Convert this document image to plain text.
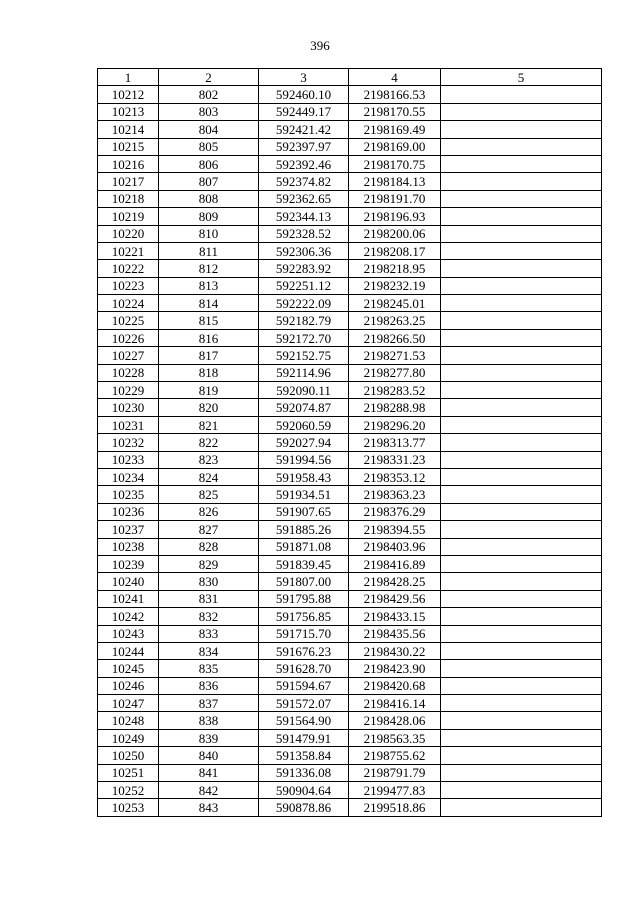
396
1	2	3	4	5
10212	802	592460.10	2198166.53	
10213	803	592449.17	2198170.55	
10214	804	592421.42	2198169.49	
10215	805	592397.97	2198169.00	
10216	806	592392.46	2198170.75	
10217	807	592374.82	2198184.13	
10218	808	592362.65	2198191.70	
10219	809	592344.13	2198196.93	
10220	810	592328.52	2198200.06	
10221	811	592306.36	2198208.17	
10222	812	592283.92	2198218.95	
10223	813	592251.12	2198232.19	
10224	814	592222.09	2198245.01	
10225	815	592182.79	2198263.25	
10226	816	592172.70	2198266.50	
10227	817	592152.75	2198271.53	
10228	818	592114.96	2198277.80	
10229	819	592090.11	2198283.52	
10230	820	592074.87	2198288.98	
10231	821	592060.59	2198296.20	
10232	822	592027.94	2198313.77	
10233	823	591994.56	2198331.23	
10234	824	591958.43	2198353.12	
10235	825	591934.51	2198363.23	
10236	826	591907.65	2198376.29	
10237	827	591885.26	2198394.55	
10238	828	591871.08	2198403.96	
10239	829	591839.45	2198416.89	
10240	830	591807.00	2198428.25	
10241	831	591795.88	2198429.56	
10242	832	591756.85	2198433.15	
10243	833	591715.70	2198435.56	
10244	834	591676.23	2198430.22	
10245	835	591628.70	2198423.90	
10246	836	591594.67	2198420.68	
10247	837	591572.07	2198416.14	
10248	838	591564.90	2198428.06	
10249	839	591479.91	2198563.35	
10250	840	591358.84	2198755.62	
10251	841	591336.08	2198791.79	
10252	842	590904.64	2199477.83	
10253	843	590878.86	2199518.86	
